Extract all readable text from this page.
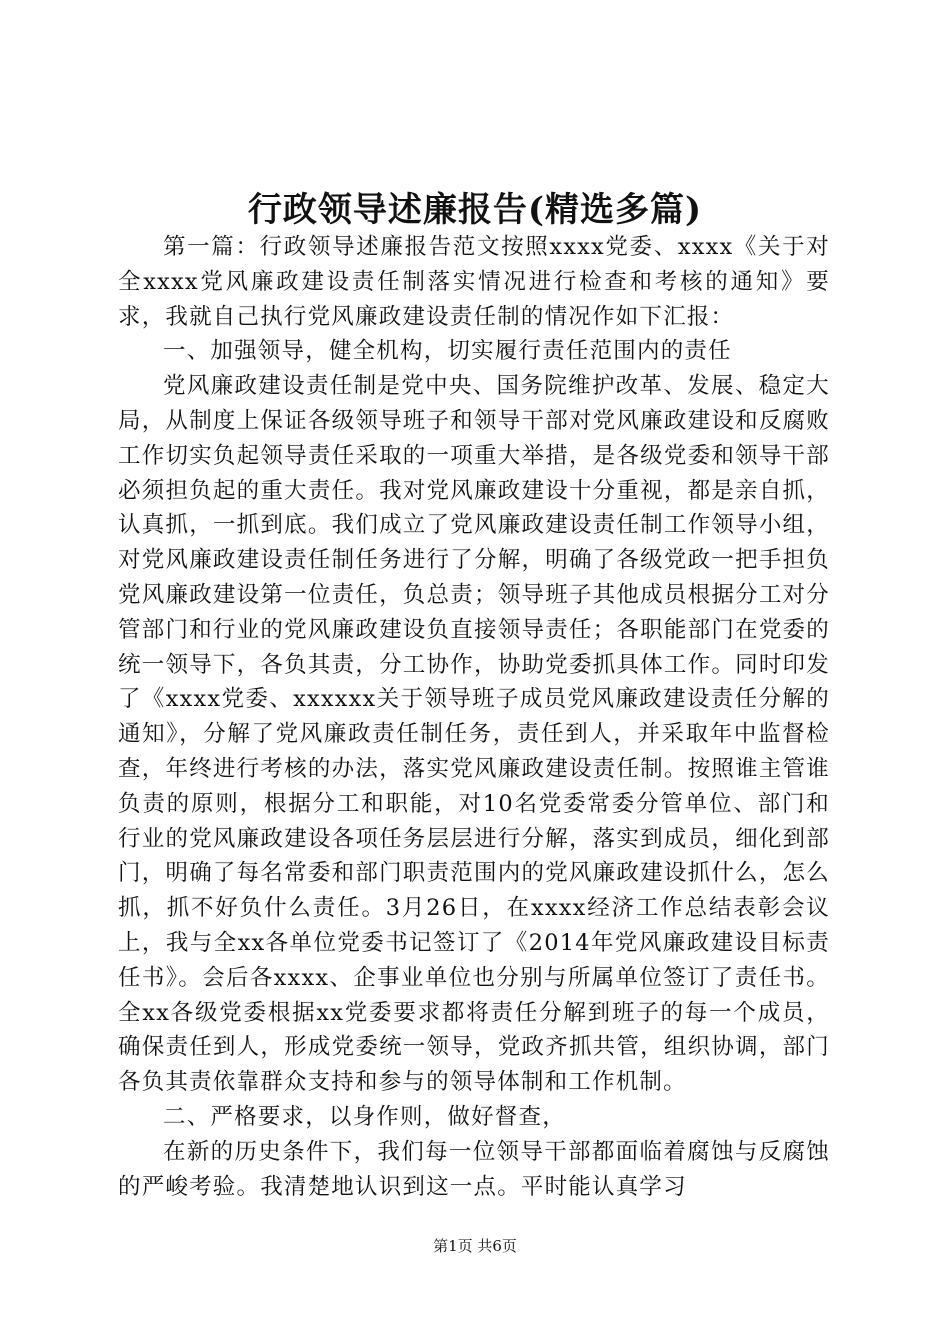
行政领导述廉报告(精选多篇)

第一篇：行政领导述廉报告范文按照xxxx党委、xxxx《关于对全xxxx党风廉政建设责任制落实情况进行检查和考核的通知》要求，我就自己执行党风廉政建设责任制的情况作如下汇报：

一、加强领导，健全机构，切实履行责任范围内的责任

党风廉政建设责任制是党中央、国务院维护改革、发展、稳定大局，从制度上保证各级领导班子和领导干部对党风廉政建设和反腐败工作切实负起领导责任采取的一项重大举措，是各级党委和领导干部必须担负起的重大责任。我对党风廉政建设十分重视，都是亲自抓，认真抓，一抓到底。我们成立了党风廉政建设责任制工作领导小组，对党风廉政建设责任制任务进行了分解，明确了各级党政一把手担负党风廉政建设第一位责任，负总责；领导班子其他成员根据分工对分管部门和行业的党风廉政建设负直接领导责任；各职能部门在党委的统一领导下，各负其责，分工协作，协助党委抓具体工作。同时印发了《xxxx党委、xxxxxx关于领导班子成员党风廉政建设责任分解的通知》，分解了党风廉政责任制任务，责任到人，并采取年中监督检查，年终进行考核的办法，落实党风廉政建设责任制。按照谁主管谁负责的原则，根据分工和职能，对10名党委常委分管单位、部门和行业的党风廉政建设各项任务层层进行分解，落实到成员，细化到部门，明确了每名常委和部门职责范围内的党风廉政建设抓什么，怎么抓，抓不好负什么责任。3月26日，在xxxx经济工作总结表彰会议上，我与全xx各单位党委书记签订了《2014年党风廉政建设目标责任书》。会后各xxxx、企事业单位也分别与所属单位签订了责任书。全xx各级党委根据xx党委要求都将责任分解到班子的每一个成员，确保责任到人，形成党委统一领导，党政齐抓共管，组织协调，部门各负其责依靠群众支持和参与的领导体制和工作机制。

二、严格要求，以身作则，做好督查，

在新的历史条件下，我们每一位领导干部都面临着腐蚀与反腐蚀的严峻考验。我清楚地认识到这一点。平时能认真学习

第1页 共6页
